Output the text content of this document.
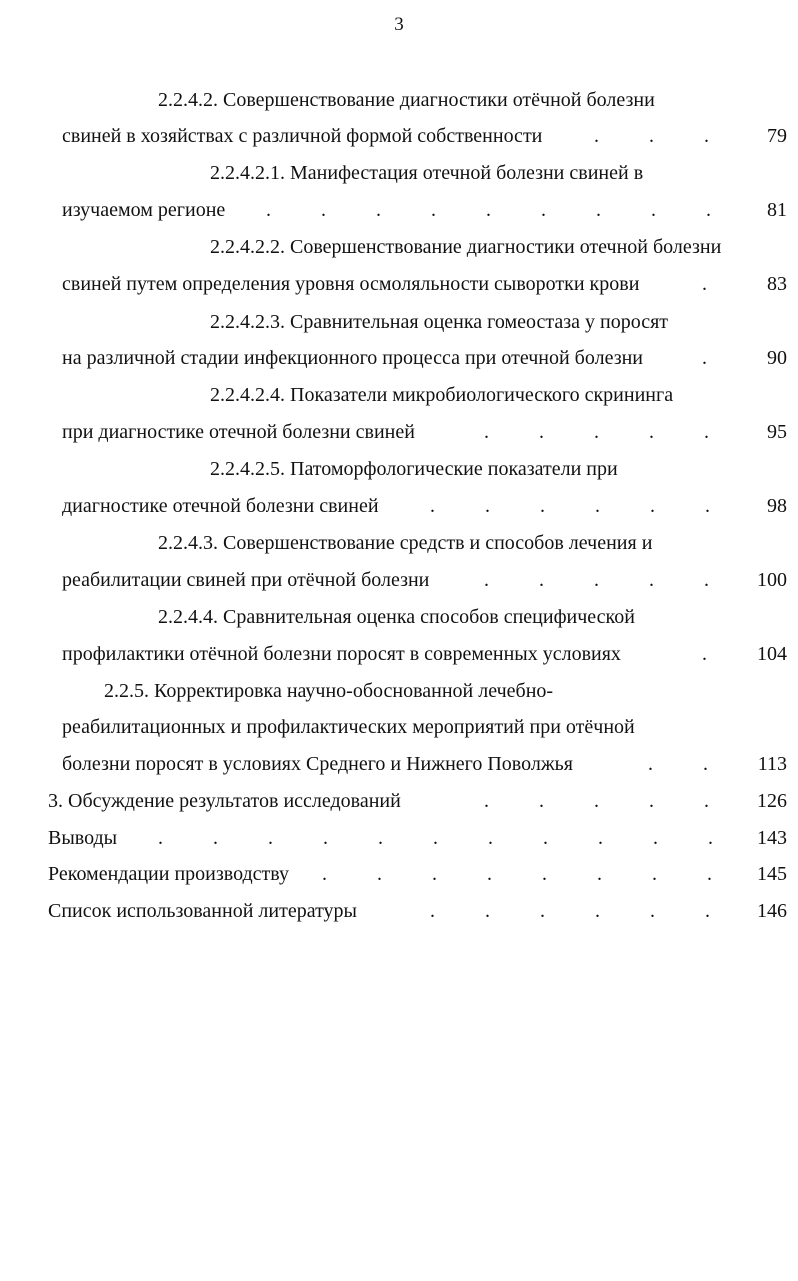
3
2.2.4.2. Совершенствование диагностики отёчной болезни
свиней в хозяйствах с различной формой собственности	.          .          .	79
2.2.4.2.1. Манифестация отечной болезни свиней в
изучаемом регионе .          .          .          .          .          .          .          .          .	81
2.2.4.2.2. Совершенствование диагностики отечной болезни
свиней путем определения уровня осмоляльности сыворотки крови	.	83
2.2.4.2.3. Сравнительная оценка гомеостаза у поросят
на различной стадии инфекционного процесса при отечной болезни	.	90
2.2.4.2.4. Показатели микробиологического скрининга
при диагностике отечной болезни свиней	.          .          .          .          .	95
2.2.4.2.5. Патоморфологические показатели при
диагностике отечной болезни свиней	.          .          .          .          .          .	98
2.2.4.3. Совершенствование средств и способов лечения и
реабилитации свиней при отёчной болезни	.          .          .          .          .	100
2.2.4.4. Сравнительная оценка способов специфической
профилактики отёчной болезни поросят в современных условиях	.	104
2.2.5. Корректировка научно-обоснованной лечебно-
реабилитационных и профилактических мероприятий при отёчной
болезни поросят в условиях Среднего и Нижнего Поволжья	.          .	113
3. Обсуждение результатов исследований	.          .          .          .          .	126
Выводы .          .          .          .          .          .          .          .          .          .          .	143
Рекомендации производству .          .          .          .          .          .          .          .	145
Список использованной литературы	.          .          .          .          .          .	146
